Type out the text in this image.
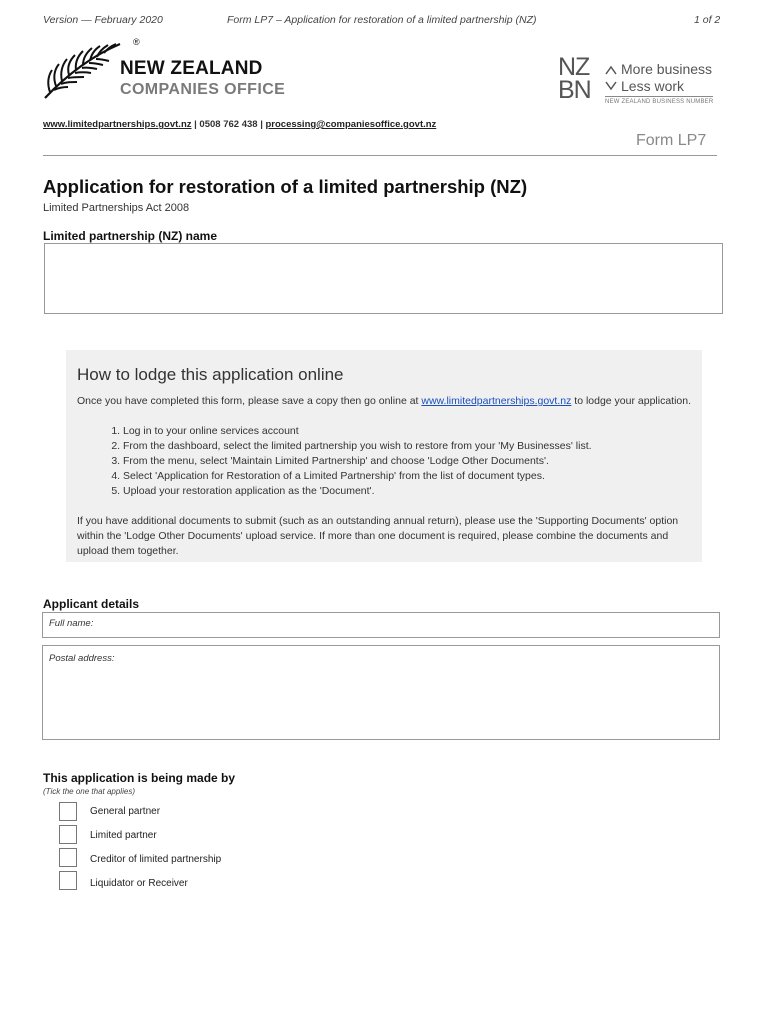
Version — February 2020	Form LP7 – Application for restoration of a limited partnership (NZ)	1 of 2
®
NEW ZEALAND
COMPANIES OFFICE
NZ
BN
More business
Less work
NEW ZEALAND BUSINESS NUMBER
www.limitedpartnerships.govt.nz | 0508 762 438 | processing@companiesoffice.govt.nz
Form LP7
Application for restoration of a limited partnership (NZ)
Limited Partnerships Act 2008
Limited partnership (NZ) name
How to lodge this application online
Once you have completed this form, please save a copy then go online at www.limitedpartnerships.govt.nz to lodge your application.
1. Log in to your online services account
2. From the dashboard, select the limited partnership you wish to restore from your 'My Businesses' list.
3. From the menu, select 'Maintain Limited Partnership' and choose 'Lodge Other Documents'.
4. Select 'Application for Restoration of a Limited Partnership' from the list of document types.
5. Upload your restoration application as the 'Document'.
If you have additional documents to submit (such as an outstanding annual return), please use the 'Supporting Documents' option within the 'Lodge Other Documents' upload service. If more than one document is required, please combine the documents and upload them together.
Applicant details
Full name:
Postal address:
This application is being made by
(Tick the one that applies)
General partner
Limited partner
Creditor of limited partnership
Liquidator or Receiver
